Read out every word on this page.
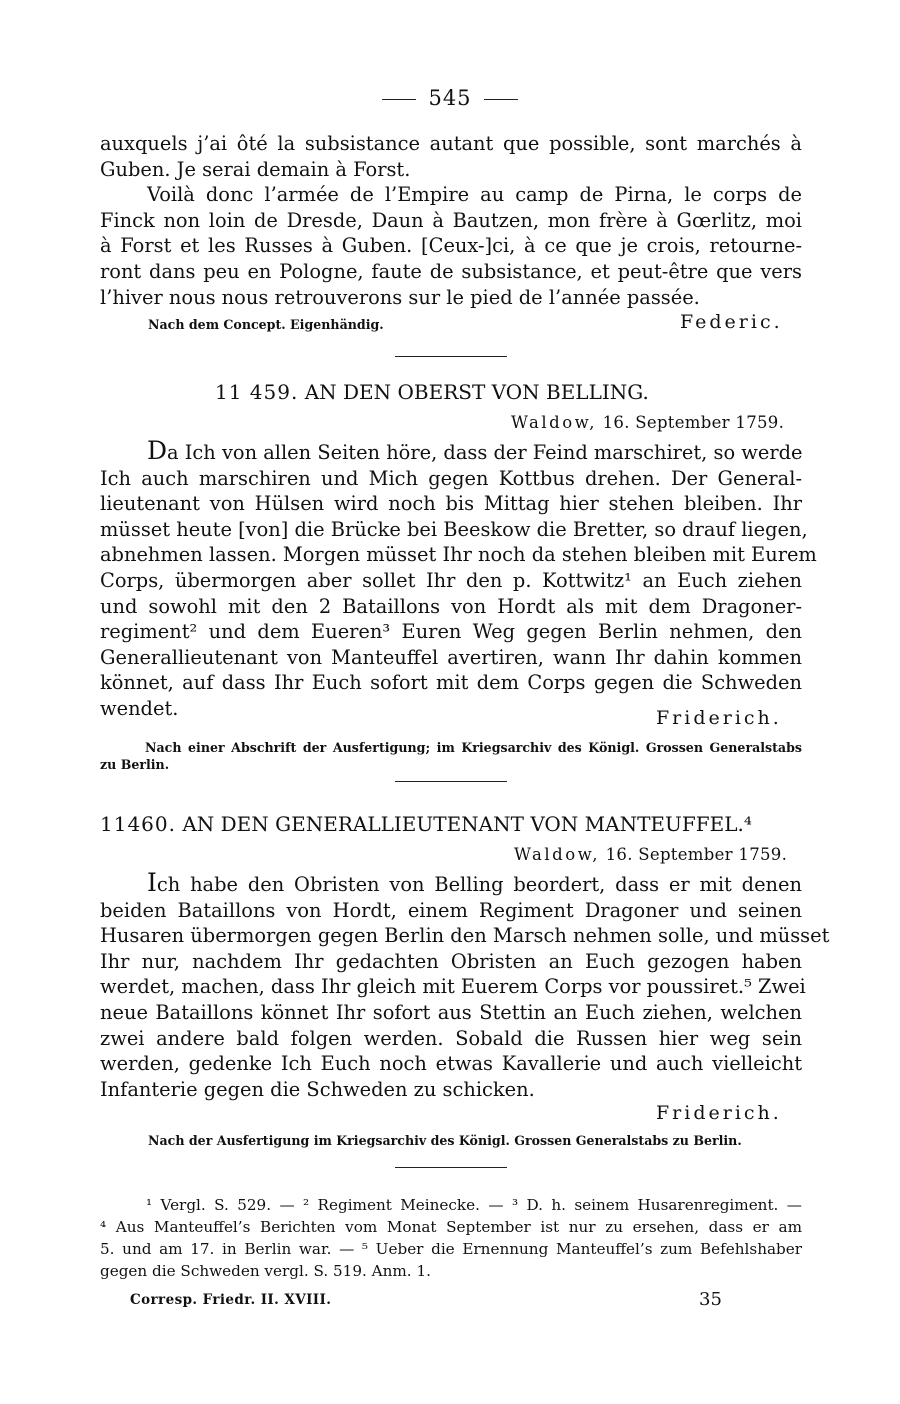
545
auxquels j’ai ôté la subsistance autant que possible, sont marchés à
Guben. Je serai demain à Forst.
Voilà donc l’armée de l’Empire au camp de Pirna, le corps de
Finck non loin de Dresde, Daun à Bautzen, mon frère à Gœrlitz, moi
à Forst et les Russes à Guben. [Ceux-]ci, à ce que je crois, retourne-
ront dans peu en Pologne, faute de subsistance, et peut-être que vers
l’hiver nous nous retrouverons sur le pied de l’année passée.
Nach dem Concept. Eigenhändig.	Federic.
11 459. AN DEN OBERST VON BELLING.
Waldow, 16. September 1759.
Da Ich von allen Seiten höre, dass der Feind marschiret, so werde
Ich auch marschiren und Mich gegen Kottbus drehen. Der General-
lieutenant von Hülsen wird noch bis Mittag hier stehen bleiben. Ihr
müsset heute [von] die Brücke bei Beeskow die Bretter, so drauf liegen,
abnehmen lassen. Morgen müsset Ihr noch da stehen bleiben mit Eurem
Corps, übermorgen aber sollet Ihr den p. Kottwitz¹ an Euch ziehen
und sowohl mit den 2 Bataillons von Hordt als mit dem Dragoner-
regiment² und dem Eueren³ Euren Weg gegen Berlin nehmen, den
Generallieutenant von Manteuffel avertiren, wann Ihr dahin kommen
könnet, auf dass Ihr Euch sofort mit dem Corps gegen die Schweden
wendet.	Friderich.
Nach einer Abschrift der Ausfertigung; im Kriegsarchiv des Königl. Grossen Generalstabs
zu Berlin.
11460. AN DEN GENERALLIEUTENANT VON MANTEUFFEL.⁴
Waldow, 16. September 1759.
Ich habe den Obristen von Belling beordert, dass er mit denen
beiden Bataillons von Hordt, einem Regiment Dragoner und seinen
Husaren übermorgen gegen Berlin den Marsch nehmen solle, und müsset
Ihr nur, nachdem Ihr gedachten Obristen an Euch gezogen haben
werdet, machen, dass Ihr gleich mit Euerem Corps vor poussiret.⁵ Zwei
neue Bataillons könnet Ihr sofort aus Stettin an Euch ziehen, welchen
zwei andere bald folgen werden. Sobald die Russen hier weg sein
werden, gedenke Ich Euch noch etwas Kavallerie und auch vielleicht
Infanterie gegen die Schweden zu schicken.
Friderich.
Nach der Ausfertigung im Kriegsarchiv des Königl. Grossen Generalstabs zu Berlin.
¹ Vergl. S. 529. — ² Regiment Meinecke. — ³ D. h. seinem Husarenregiment. —
⁴ Aus Manteuffel’s Berichten vom Monat September ist nur zu ersehen, dass er am
5. und am 17. in Berlin war. — ⁵ Ueber die Ernennung Manteuffel’s zum Befehlshaber
gegen die Schweden vergl. S. 519. Anm. 1.
Corresp. Friedr. II. XVIII.	35
